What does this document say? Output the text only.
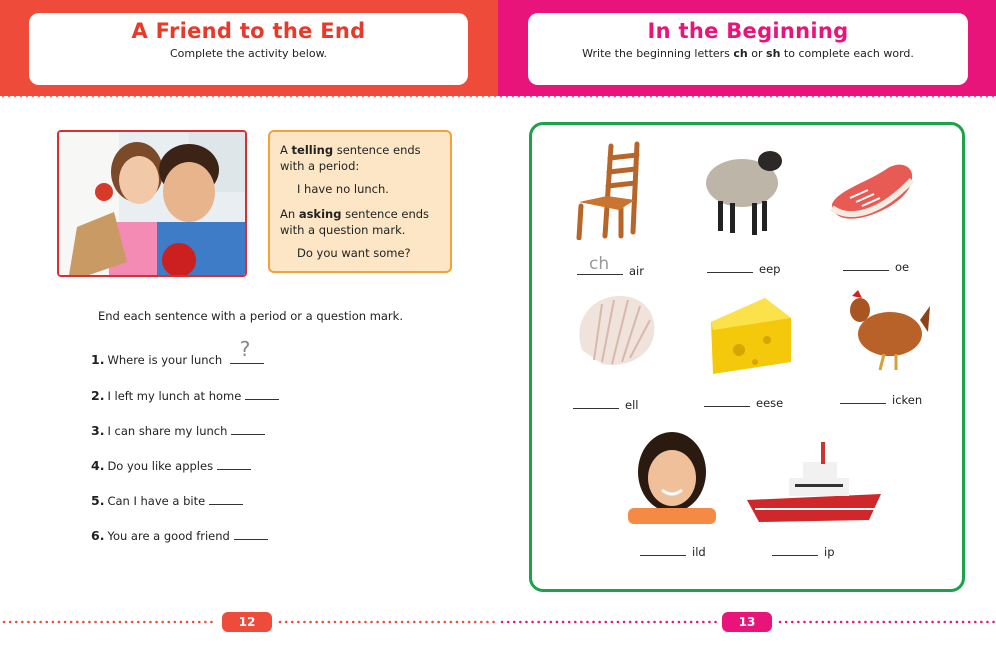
A Friend to the End
Complete the activity below.
In the Beginning
Write the beginning letters ch or sh to complete each word.

A telling sentence ends with a period:

I have no lunch.

An asking sentence ends with a question mark.

Do you want some?

End each sentence with a period or a question mark.
1. Where is your lunch ?
2. I left my lunch at home
3. I can share my lunch
4. Do you like apples
5. Can I have a bite
6. You are a good friend
ch air	eep	oe
ell	eese	icken
ild	ip
12	13
